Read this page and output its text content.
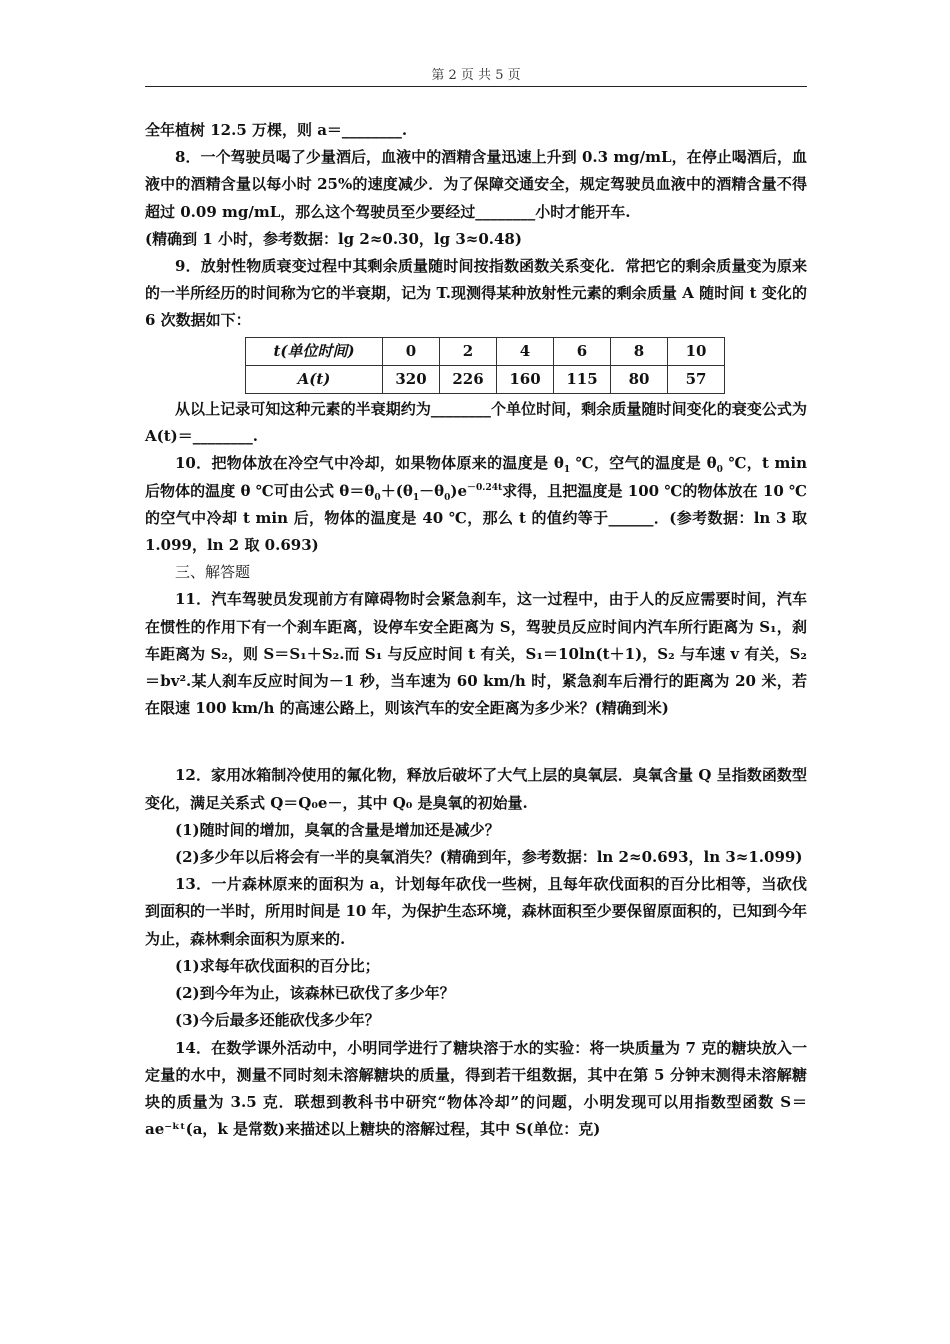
第 2 页 共 5 页

全年植树 12.5 万棵，则 a＝________.

8．一个驾驶员喝了少量酒后，血液中的酒精含量迅速上升到 0.3 mg/mL，在停止喝酒后，血液中的酒精含量以每小时 25%的速度减少．为了保障交通安全，规定驾驶员血液中的酒精含量不得超过 0.09 mg/mL，那么这个驾驶员至少要经过________小时才能开车.

(精确到 1 小时，参考数据：lg 2≈0.30，lg 3≈0.48)

9．放射性物质衰变过程中其剩余质量随时间按指数函数关系变化．常把它的剩余质量变为原来的一半所经历的时间称为它的半衰期，记为 T.现测得某种放射性元素的剩余质量 A 随时间 t 变化的 6 次数据如下：

t(单位时间)	0	2	4	6	8	10
A(t)	320	226	160	115	80	57

从以上记录可知这种元素的半衰期约为________个单位时间，剩余质量随时间变化的衰变公式为 A(t)＝________.

10．把物体放在冷空气中冷却，如果物体原来的温度是 $\theta_1$ ℃，空气的温度是 $\theta_0$ ℃，t min 后物体的温度 θ ℃可由公式 $\theta=\theta_0+(\theta_1-\theta_0)e^{-0.24t}$求得，且把温度是 100 ℃的物体放在 10 ℃的空气中冷却 t min 后，物体的温度是 40 ℃，那么 t 的值约等于______．(参考数据：ln 3 取 1.099，ln 2 取 0.693)

三、解答题

11．汽车驾驶员发现前方有障碍物时会紧急刹车，这一过程中，由于人的反应需要时间，汽车在惯性的作用下有一个刹车距离，设停车安全距离为 S，驾驶员反应时间内汽车所行距离为 S₁，刹车距离为 S₂，则 S＝S₁＋S₂.而 S₁ 与反应时间 t 有关，S₁＝10ln(t＋1)，S₂ 与车速 v 有关，S₂＝bv².某人刹车反应时间为－1 秒，当车速为 60 km/h 时，紧急刹车后滑行的距离为 20 米，若在限速 100 km/h 的高速公路上，则该汽车的安全距离为多少米？(精确到米)

12．家用冰箱制冷使用的氟化物，释放后破坏了大气上层的臭氧层．臭氧含量 Q 呈指数函数型变化，满足关系式 Q＝Q₀e－，其中 Q₀ 是臭氧的初始量.

(1)随时间的增加，臭氧的含量是增加还是减少？

(2)多少年以后将会有一半的臭氧消失？(精确到年，参考数据：ln 2≈0.693，ln 3≈1.099)

13．一片森林原来的面积为 a，计划每年砍伐一些树，且每年砍伐面积的百分比相等，当砍伐到面积的一半时，所用时间是 10 年，为保护生态环境，森林面积至少要保留原面积的，已知到今年为止，森林剩余面积为原来的.

(1)求每年砍伐面积的百分比；

(2)到今年为止，该森林已砍伐了多少年？

(3)今后最多还能砍伐多少年？

14．在数学课外活动中，小明同学进行了糖块溶于水的实验：将一块质量为 7 克的糖块放入一定量的水中，测量不同时刻未溶解糖块的质量，得到若干组数据，其中在第 5 分钟末测得未溶解糖块的质量为 3.5 克．联想到教科书中研究“物体冷却”的问题，小明发现可以用指数型函数 S＝ae⁻ᵏᵗ(a，k 是常数)来描述以上糖块的溶解过程，其中 S(单位：克)
